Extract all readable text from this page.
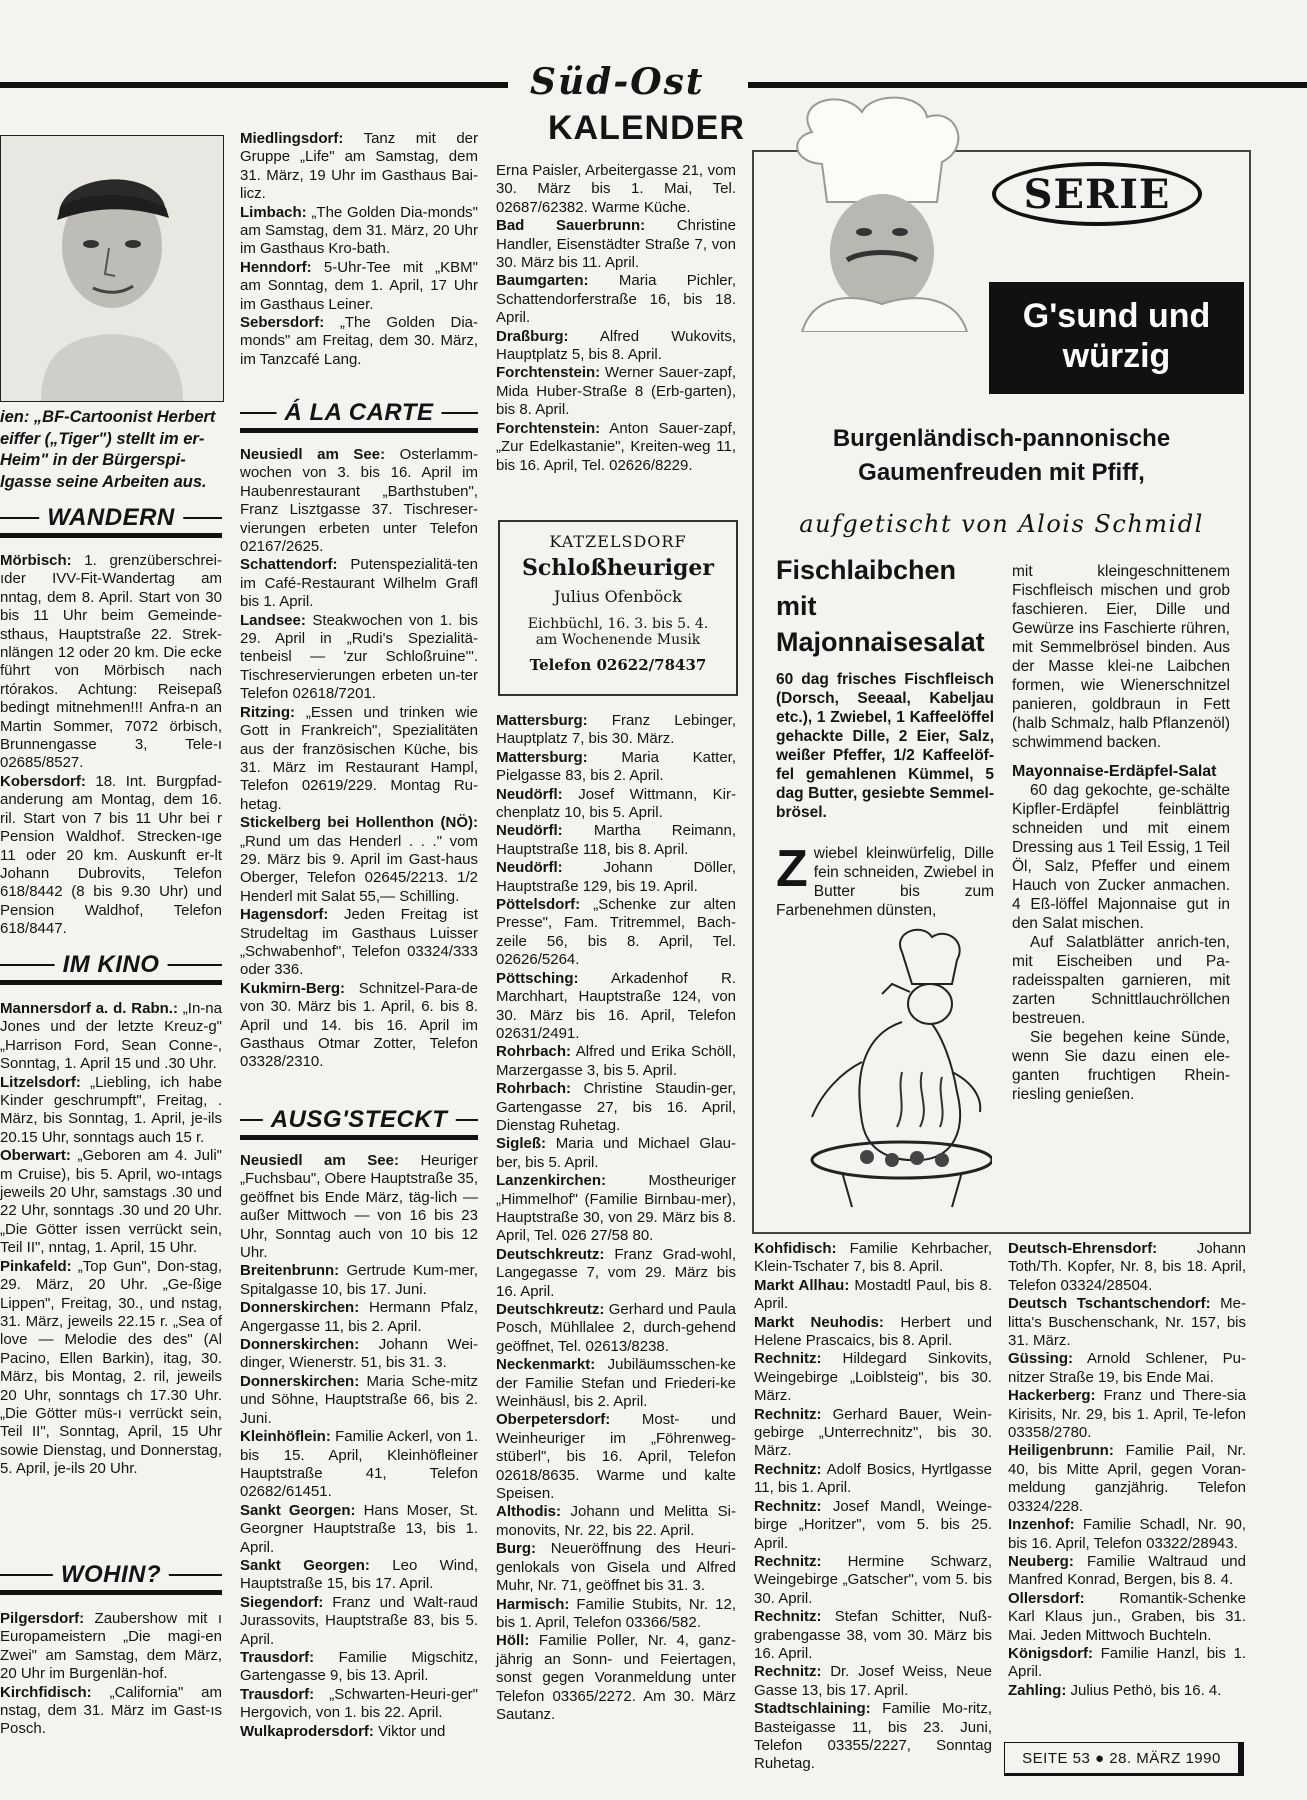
Süd-Ost
KALENDER
ien: „BF-Cartoonist Herbert eiffer („Tiger") stellt im er-Heim" in der Bürgerspi-lgasse seine Arbeiten aus.
WANDERN

Mörbisch: 1. grenzüberschrei-ıder IVV-Fit-Wandertag am nntag, dem 8. April. Start von 30 bis 11 Uhr beim Gemeinde-sthaus, Hauptstraße 22. Strek-nlängen 12 oder 20 km. Die ecke führt von Mörbisch nach rtórakos. Achtung: Reisepaß bedingt mitnehmen!!! Anfra-n an Martin Sommer, 7072 örbisch, Brunnengasse 3, Tele-ı 02685/8527.

Kobersdorf: 18. Int. Burgpfad-anderung am Montag, dem 16. ril. Start von 7 bis 11 Uhr bei r Pension Waldhof. Strecken-ıge 11 oder 20 km. Auskunft er-lt Johann Dubrovits, Telefon 618/8442 (8 bis 9.30 Uhr) und Pension Waldhof, Telefon 618/8447.

IM KINO

Mannersdorf a. d. Rabn.: „In-na Jones und der letzte Kreuz-g" „Harrison Ford, Sean Conne-, Sonntag, 1. April 15 und .30 Uhr.

Litzelsdorf: „Liebling, ich habe Kinder geschrumpft", Freitag, . März, bis Sonntag, 1. April, je-ils 20.15 Uhr, sonntags auch 15 r.

Oberwart: „Geboren am 4. Juli" m Cruise), bis 5. April, wo-ıntags jeweils 20 Uhr, samstags .30 und 22 Uhr, sonntags .30 und 20 Uhr. „Die Götter issen verrückt sein, Teil II", nntag, 1. April, 15 Uhr.

Pinkafeld: „Top Gun", Don-stag, 29. März, 20 Uhr. „Ge-ßige Lippen", Freitag, 30., und nstag, 31. März, jeweils 22.15 r. „Sea of love — Melodie des des" (Al Pacino, Ellen Barkin), itag, 30. März, bis Montag, 2. ril, jeweils 20 Uhr, sonntags ch 17.30 Uhr. „Die Götter müs-ı verrückt sein, Teil II", Sonntag, April, 15 Uhr sowie Dienstag, und Donnerstag, 5. April, je-ils 20 Uhr.

WOHIN?

Pilgersdorf: Zaubershow mit ı Europameistern „Die magi-en Zwei" am Samstag, dem März, 20 Uhr im Burgenlän-hof.

Kirchfidisch: „California" am nstag, dem 31. März im Gast-ıs Posch.

Miedlingsdorf: Tanz mit der Gruppe „Life" am Samstag, dem 31. März, 19 Uhr im Gasthaus Bai-licz.

Limbach: „The Golden Dia-monds" am Samstag, dem 31. März, 20 Uhr im Gasthaus Kro-bath.

Henndorf: 5-Uhr-Tee mit „KBM" am Sonntag, dem 1. April, 17 Uhr im Gasthaus Leiner.

Sebersdorf: „The Golden Dia-monds" am Freitag, dem 30. März, im Tanzcafé Lang.

Á LA CARTE

Neusiedl am See: Osterlamm-wochen von 3. bis 16. April im Haubenrestaurant „Barthstuben", Franz Lisztgasse 37. Tischreser-vierungen erbeten unter Telefon 02167/2625.

Schattendorf: Putenspezialitä-ten im Café-Restaurant Wilhelm Grafl bis 1. April.

Landsee: Steakwochen von 1. bis 29. April in „Rudi's Spezialitä-tenbeisl — 'zur Schloßruine'". Tischreservierungen erbeten un-ter Telefon 02618/7201.

Ritzing: „Essen und trinken wie Gott in Frankreich", Spezialitäten aus der französischen Küche, bis 31. März im Restaurant Hampl, Telefon 02619/229. Montag Ru-hetag.

Stickelberg bei Hollenthon (NÖ): „Rund um das Henderl . . ." vom 29. März bis 9. April im Gast-haus Oberger, Telefon 02645/2213. 1/2 Henderl mit Salat 55,— Schilling.

Hagensdorf: Jeden Freitag ist Strudeltag im Gasthaus Luisser „Schwabenhof", Telefon 03324/333 oder 336.

Kukmirn-Berg: Schnitzel-Para-de von 30. März bis 1. April, 6. bis 8. April und 14. bis 16. April im Gasthaus Otmar Zotter, Telefon 03328/2310.

AUSG'STECKT

Neusiedl am See: Heuriger „Fuchsbau", Obere Hauptstraße 35, geöffnet bis Ende März, täg-lich — außer Mittwoch — von 16 bis 23 Uhr, Sonntag auch von 10 bis 12 Uhr.

Breitenbrunn: Gertrude Kum-mer, Spitalgasse 10, bis 17. Juni.

Donnerskirchen: Hermann Pfalz, Angergasse 11, bis 2. April.

Donnerskirchen: Johann Wei-dinger, Wienerstr. 51, bis 31. 3.

Donnerskirchen: Maria Sche-mitz und Söhne, Hauptstraße 66, bis 2. Juni.

Kleinhöflein: Familie Ackerl, von 1. bis 15. April, Kleinhöfleiner Hauptstraße 41, Telefon 02682/61451.

Sankt Georgen: Hans Moser, St. Georgner Hauptstraße 13, bis 1. April.

Sankt Georgen: Leo Wind, Hauptstraße 15, bis 17. April.

Siegendorf: Franz und Walt-raud Jurassovits, Hauptstraße 83, bis 5. April.

Trausdorf: Familie Migschitz, Gartengasse 9, bis 13. April.

Trausdorf: „Schwarten-Heuri-ger" Hergovich, von 1. bis 22. April.

Wulkaprodersdorf: Viktor und

Erna Paisler, Arbeitergasse 21, vom 30. März bis 1. Mai, Tel. 02687/62382. Warme Küche.

Bad Sauerbrunn: Christine Handler, Eisenstädter Straße 7, von 30. März bis 11. April.

Baumgarten: Maria Pichler, Schattendorferstraße 16, bis 18. April.

Draßburg: Alfred Wukovits, Hauptplatz 5, bis 8. April.

Forchtenstein: Werner Sauer-zapf, Mida Huber-Straße 8 (Erb-garten), bis 8. April.

Forchtenstein: Anton Sauer-zapf, „Zur Edelkastanie", Kreiten-weg 11, bis 16. April, Tel. 02626/8229.

KATZELSDORF
Schloßheuriger
Julius Ofenböck
Eichbüchl, 16. 3. bis 5. 4.
am Wochenende Musik
Telefon 02622/78437

Mattersburg: Franz Lebinger, Hauptplatz 7, bis 30. März.

Mattersburg: Maria Katter, Pielgasse 83, bis 2. April.

Neudörfl: Josef Wittmann, Kir-chenplatz 10, bis 5. April.

Neudörfl: Martha Reimann, Hauptstraße 118, bis 8. April.

Neudörfl: Johann Döller, Hauptstraße 129, bis 19. April.

Pöttelsdorf: „Schenke zur alten Presse", Fam. Tritremmel, Bach-zeile 56, bis 8. April, Tel. 02626/5264.

Pöttsching: Arkadenhof R. Marchhart, Hauptstraße 124, von 30. März bis 16. April, Telefon 02631/2491.

Rohrbach: Alfred und Erika Schöll, Marzergasse 3, bis 5. April.

Rohrbach: Christine Staudin-ger, Gartengasse 27, bis 16. April, Dienstag Ruhetag.

Sigleß: Maria und Michael Glau-ber, bis 5. April.

Lanzenkirchen: Mostheuriger „Himmelhof" (Familie Birnbau-mer), Hauptstraße 30, von 29. März bis 8. April, Tel. 026 27/58 80.

Deutschkreutz: Franz Grad-wohl, Langegasse 7, vom 29. März bis 16. April.

Deutschkreutz: Gerhard und Paula Posch, Mühllalee 2, durch-gehend geöffnet, Tel. 02613/8238.

Neckenmarkt: Jubiläumsschen-ke der Familie Stefan und Friederi-ke Weinhäusl, bis 2. April.

Oberpetersdorf: Most- und Weinheuriger im „Föhrenweg-stüberl", bis 16. April, Telefon 02618/8635. Warme und kalte Speisen.

Althodis: Johann und Melitta Si-monovits, Nr. 22, bis 22. April.

Burg: Neueröffnung des Heuri-genlokals von Gisela und Alfred Muhr, Nr. 71, geöffnet bis 31. 3.

Harmisch: Familie Stubits, Nr. 12, bis 1. April, Telefon 03366/582.

Höll: Familie Poller, Nr. 4, ganz-jährig an Sonn- und Feiertagen, sonst gegen Voranmeldung unter Telefon 03365/2272. Am 30. März Sautanz.

SERIE
G'sund und
würzig
Burgenländisch-pannonische
Gaumenfreuden mit Pfiff,
aufgetischt von Alois Schmidl
Fischlaibchen mit
Majonnaisesalat

60 dag frisches Fischfleisch (Dorsch, Seeaal, Kabeljau etc.), 1 Zwiebel, 1 Kaffeelöffel gehackte Dille, 2 Eier, Salz, weißer Pfeffer, 1/2 Kaffeelöf-fel gemahlenen Kümmel, 5 dag Butter, gesiebte Semmel-brösel.

Z wiebel kleinwürfelig, Dille fein schneiden, Zwiebel in Butter bis zum Farbenehmen dünsten,

mit kleingeschnittenem Fischfleisch mischen und grob faschieren. Eier, Dille und Gewürze ins Faschierte rühren, mit Semmelbrösel binden. Aus der Masse klei-ne Laibchen formen, wie Wienerschnitzel panieren, goldbraun in Fett (halb Schmalz, halb Pflanzenöl) schwimmend backen.

Mayonnaise-Erdäpfel-Salat

60 dag gekochte, ge-schälte Kipfler-Erdäpfel feinblättrig schneiden und mit einem Dressing aus 1 Teil Essig, 1 Teil Öl, Salz, Pfeffer und einem Hauch von Zucker anmachen. 4 Eß-löffel Majonnaise gut in den Salat mischen.

Auf Salatblätter anrich-ten, mit Eischeiben und Pa-radeisspalten garnieren, mit zarten Schnittlauchröllchen bestreuen.

Sie begehen keine Sünde, wenn Sie dazu einen ele-ganten fruchtigen Rhein-riesling genießen.

Kohfidisch: Familie Kehrbacher, Klein-Tschater 7, bis 8. April.

Markt Allhau: Mostadtl Paul, bis 8. April.

Markt Neuhodis: Herbert und Helene Prascaics, bis 8. April.

Rechnitz: Hildegard Sinkovits, Weingebirge „Loiblsteig", bis 30. März.

Rechnitz: Gerhard Bauer, Wein-gebirge „Unterrechnitz", bis 30. März.

Rechnitz: Adolf Bosics, Hyrtlgasse 11, bis 1. April.

Rechnitz: Josef Mandl, Weinge-birge „Horitzer", vom 5. bis 25. April.

Rechnitz: Hermine Schwarz, Weingebirge „Gatscher", vom 5. bis 30. April.

Rechnitz: Stefan Schitter, Nuß-grabengasse 38, vom 30. März bis 16. April.

Rechnitz: Dr. Josef Weiss, Neue Gasse 13, bis 17. April.

Stadtschlaining: Familie Mo-ritz, Basteigasse 11, bis 23. Juni, Telefon 03355/2227, Sonntag Ruhetag.

Deutsch-Ehrensdorf: Johann Toth/Th. Kopfer, Nr. 8, bis 18. April, Telefon 03324/28504.

Deutsch Tschantschendorf: Me-litta's Buschenschank, Nr. 157, bis 31. März.

Güssing: Arnold Schlener, Pu-nitzer Straße 19, bis Ende Mai.

Hackerberg: Franz und There-sia Kirisits, Nr. 29, bis 1. April, Te-lefon 03358/2780.

Heiligenbrunn: Familie Pail, Nr. 40, bis Mitte April, gegen Voran-meldung ganzjährig. Telefon 03324/228.

Inzenhof: Familie Schadl, Nr. 90, bis 16. April, Telefon 03322/28943.

Neuberg: Familie Waltraud und Manfred Konrad, Bergen, bis 8. 4.

Ollersdorf: Romantik-Schenke Karl Klaus jun., Graben, bis 31. Mai. Jeden Mittwoch Buchteln.

Königsdorf: Familie Hanzl, bis 1. April.

Zahling: Julius Pethö, bis 16. 4.

SEITE 53 ● 28. MÄRZ 1990
